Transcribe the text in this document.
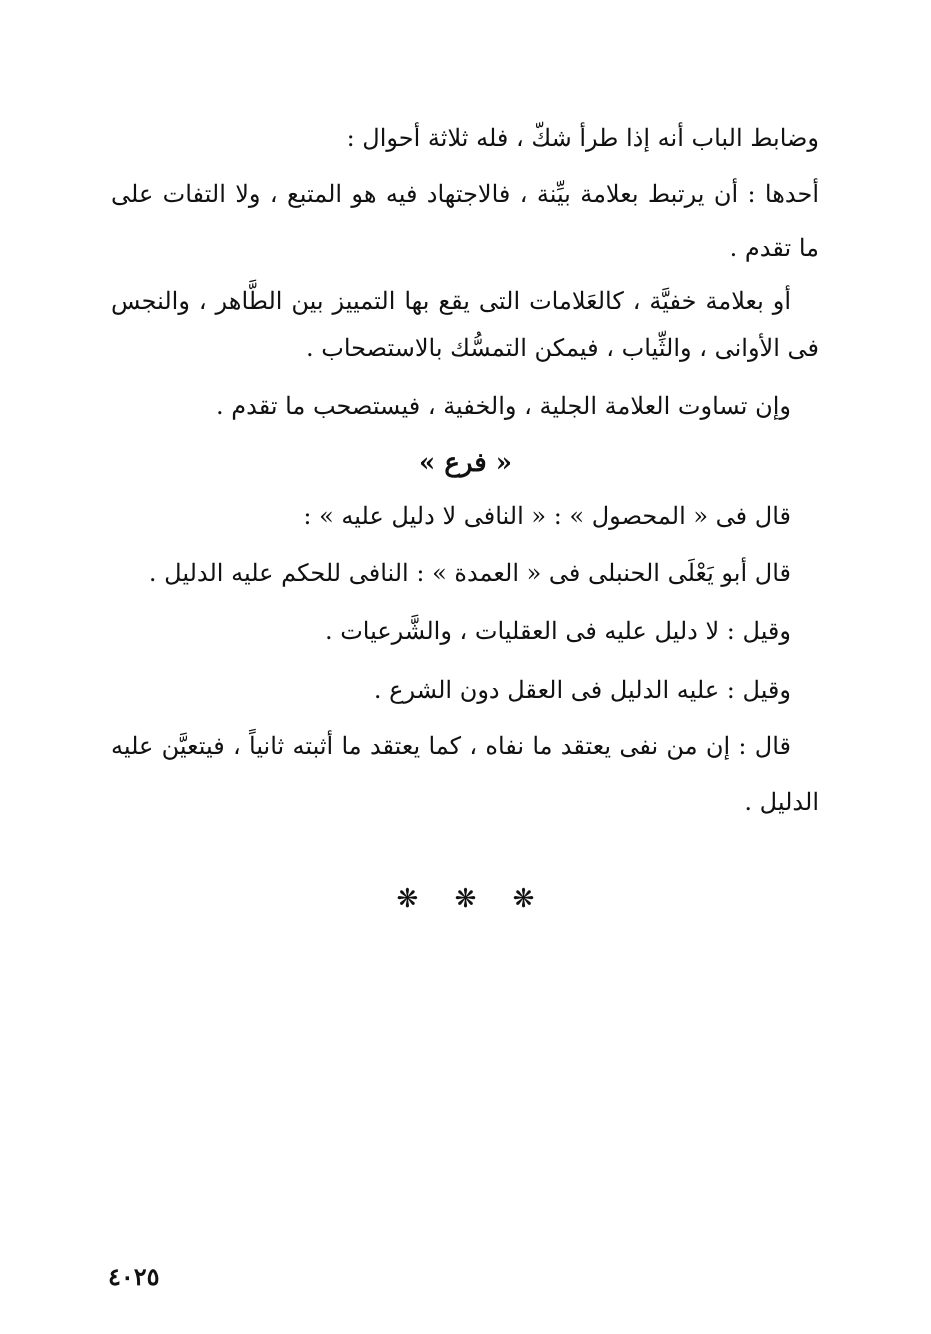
وضابط الباب أنه إذا طرأ شكّ ، فله ثلاثة أحوال :
أحدها : أن يرتبط بعلامة بيِّنة ، فالاجتهاد فيه هو المتبع ، ولا التفات على
ما تقدم .
أو بعلامة خفيَّة ، كالعَلامات التى يقع بها التمييز بين الطَّاهر ، والنجس
فى الأوانى ، والثِّياب ، فيمكن التمسُّك بالاستصحاب .
وإن تساوت العلامة الجلية ، والخفية ، فيستصحب ما تقدم .
« فرع »
قال فى « المحصول » : « النافى لا دليل عليه » :
قال أبو يَعْلَى الحنبلى فى « العمدة » : النافى للحكم عليه الدليل .
وقيل : لا دليل عليه فى العقليات ، والشَّرعيات .
وقيل : عليه الدليل فى العقل دون الشرع .
قال : إن من نفى يعتقد ما نفاه ، كما يعتقد ما أثبته ثانياً ، فيتعيَّن عليه
الدليل .
❋ ❋ ❋
٤٠٢٥
